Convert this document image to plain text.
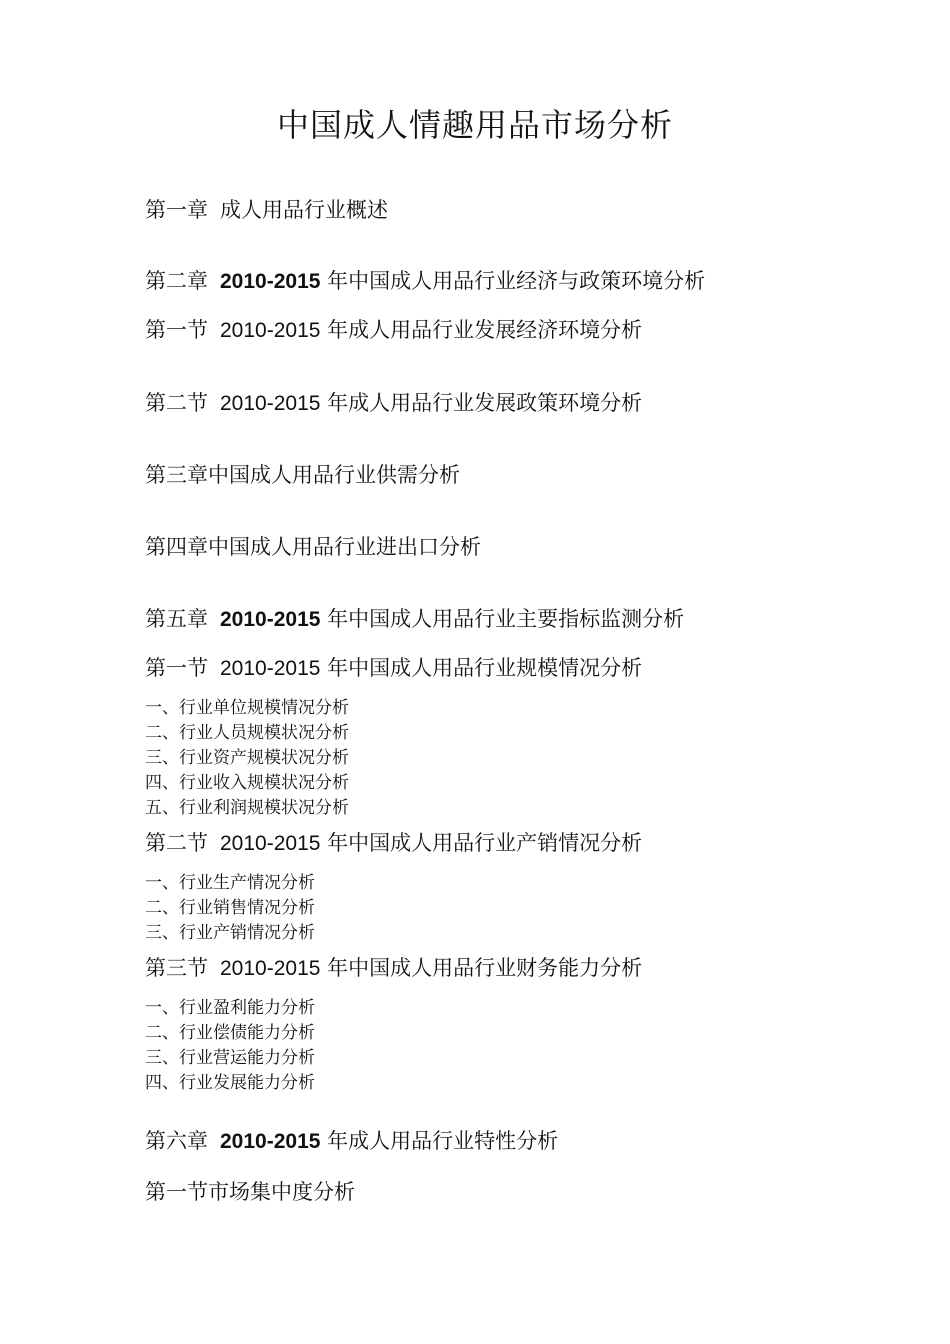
中国成人情趣用品市场分析
第一章 成人用品行业概述
第二章 2010-2015 年中国成人用品行业经济与政策环境分析
第一节 2010-2015 年成人用品行业发展经济环境分析
第二节 2010-2015 年成人用品行业发展政策环境分析
第三章中国成人用品行业供需分析
第四章中国成人用品行业进出口分析
第五章 2010-2015 年中国成人用品行业主要指标监测分析
第一节 2010-2015 年中国成人用品行业规模情况分析
一、行业单位规模情况分析
二、行业人员规模状况分析
三、行业资产规模状况分析
四、行业收入规模状况分析
五、行业利润规模状况分析
第二节 2010-2015 年中国成人用品行业产销情况分析
一、行业生产情况分析
二、行业销售情况分析
三、行业产销情况分析
第三节 2010-2015 年中国成人用品行业财务能力分析
一、行业盈利能力分析
二、行业偿债能力分析
三、行业营运能力分析
四、行业发展能力分析
第六章 2010-2015 年成人用品行业特性分析
第一节市场集中度分析
